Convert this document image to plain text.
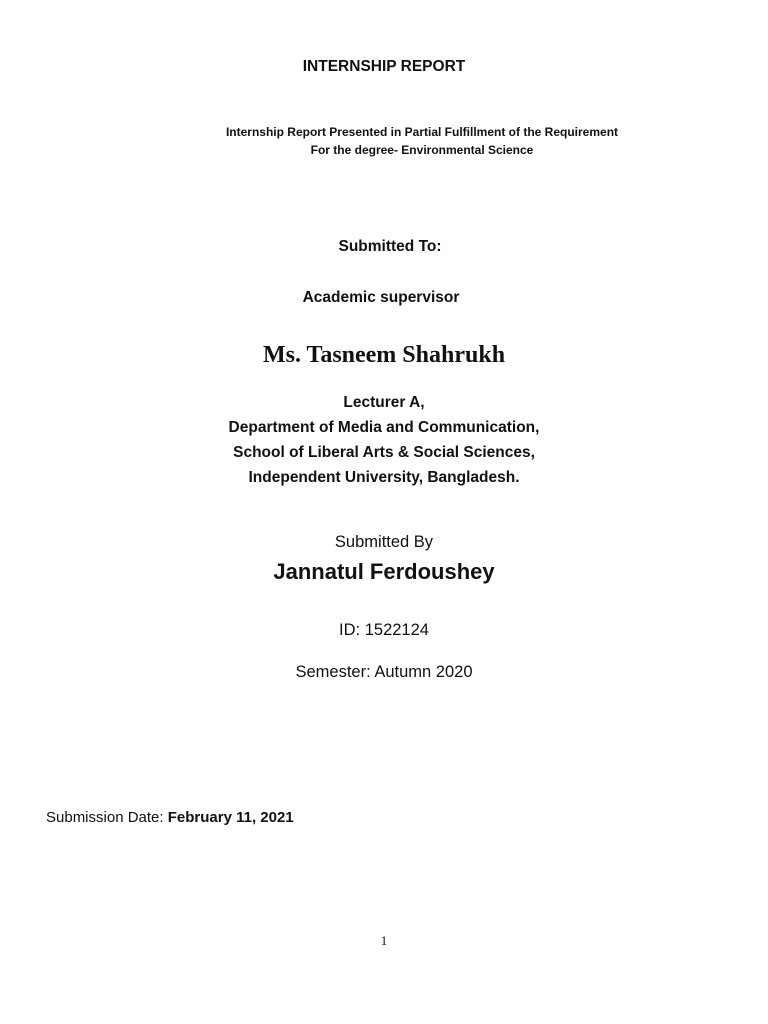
INTERNSHIP REPORT
Internship Report Presented in Partial Fulfillment of the Requirement
For the degree- Environmental Science
Submitted To:
Academic supervisor
Ms. Tasneem Shahrukh
Lecturer A,
Department of Media and Communication,
School of Liberal Arts & Social Sciences,
Independent University, Bangladesh.
Submitted By
Jannatul Ferdoushey
ID: 1522124
Semester: Autumn 2020
Submission Date: February 11, 2021
1
